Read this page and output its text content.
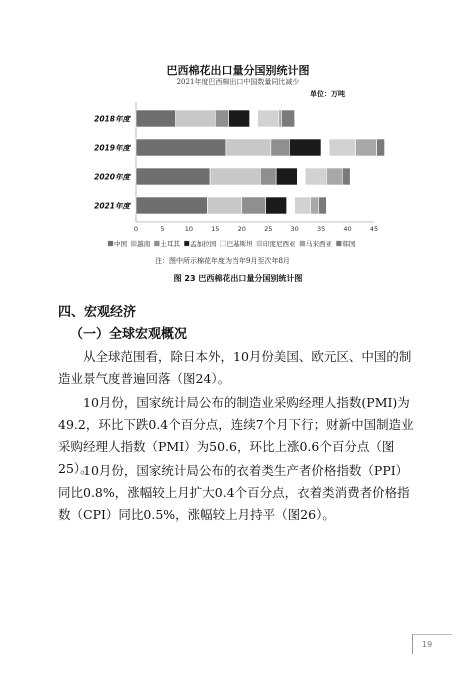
巴西棉花出口量分国别统计图
2021年度巴西棉出口中国数量同比减少
单位：万吨
0	5	10	15	20	25	30	35	40	45
2018年度
2019年度
2020年度
2021年度
中国 越南 土耳其 孟加拉国 巴基斯坦 印度尼西亚 马来西亚 韩国
注：图中所示棉花年度为当年9月至次年8月
图 23 巴西棉花出口量分国别统计图
四、宏观经济
（一）全球宏观概况
从全球范围看，除日本外，10月份美国、欧元区、中国的制造业景气度普遍回落（图24）。
10月份，国家统计局公布的制造业采购经理人指数(PMI)为49.2，环比下跌0.4个百分点，连续7个月下行；财新中国制造业采购经理人指数（PMI）为50.6，环比上涨0.6个百分点（图25）。
10月份，国家统计局公布的衣着类生产者价格指数（PPI）同比0.8%，涨幅较上月扩大0.4个百分点，衣着类消费者价格指数（CPI）同比0.5%，涨幅较上月持平（图26）。
19
